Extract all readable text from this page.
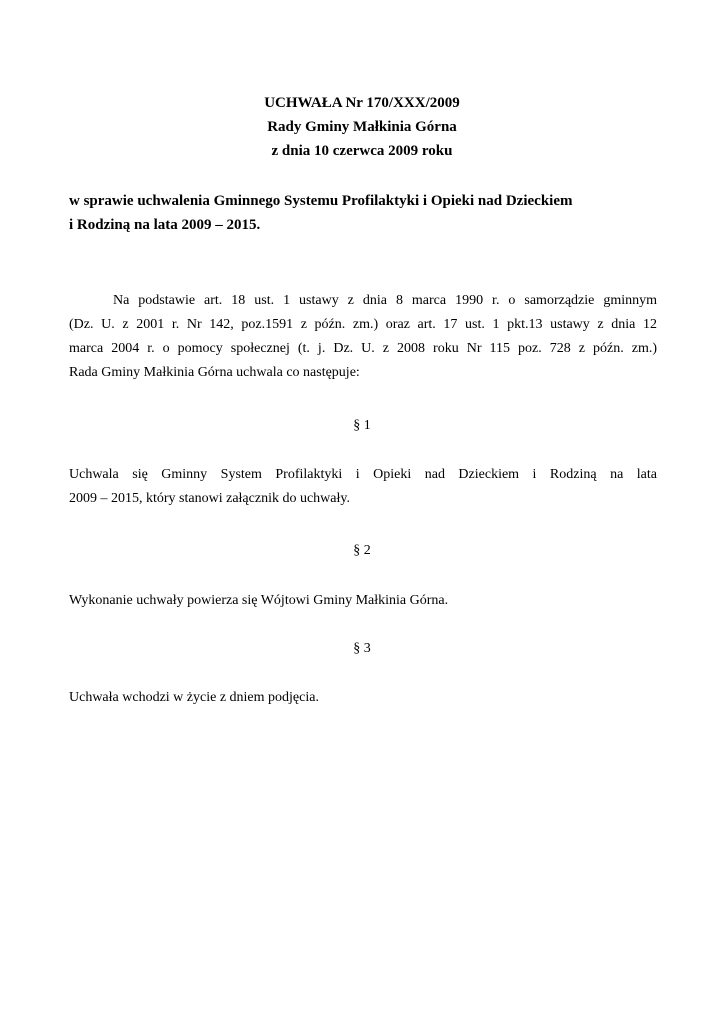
UCHWAŁA Nr 170/XXX/2009
Rady Gminy Małkinia Górna
z dnia 10 czerwca 2009 roku
w sprawie uchwalenia Gminnego Systemu Profilaktyki i Opieki nad Dzieckiem
i Rodziną na lata 2009 – 2015.
Na podstawie art. 18 ust. 1 ustawy z dnia 8 marca 1990 r. o samorządzie gminnym
(Dz. U. z 2001 r. Nr 142, poz.1591 z późn. zm.) oraz art. 17 ust. 1 pkt.13 ustawy z dnia 12
marca 2004 r. o pomocy społecznej (t. j. Dz. U. z 2008 roku Nr 115 poz. 728 z późn. zm.)
Rada Gminy Małkinia Górna uchwala co następuje:
§ 1
Uchwala się Gminny System Profilaktyki i Opieki nad Dzieckiem i Rodziną na lata
2009 – 2015, który stanowi załącznik do uchwały.
§ 2
Wykonanie uchwały powierza się Wójtowi Gminy Małkinia Górna.
§ 3
Uchwała wchodzi w życie z dniem podjęcia.
